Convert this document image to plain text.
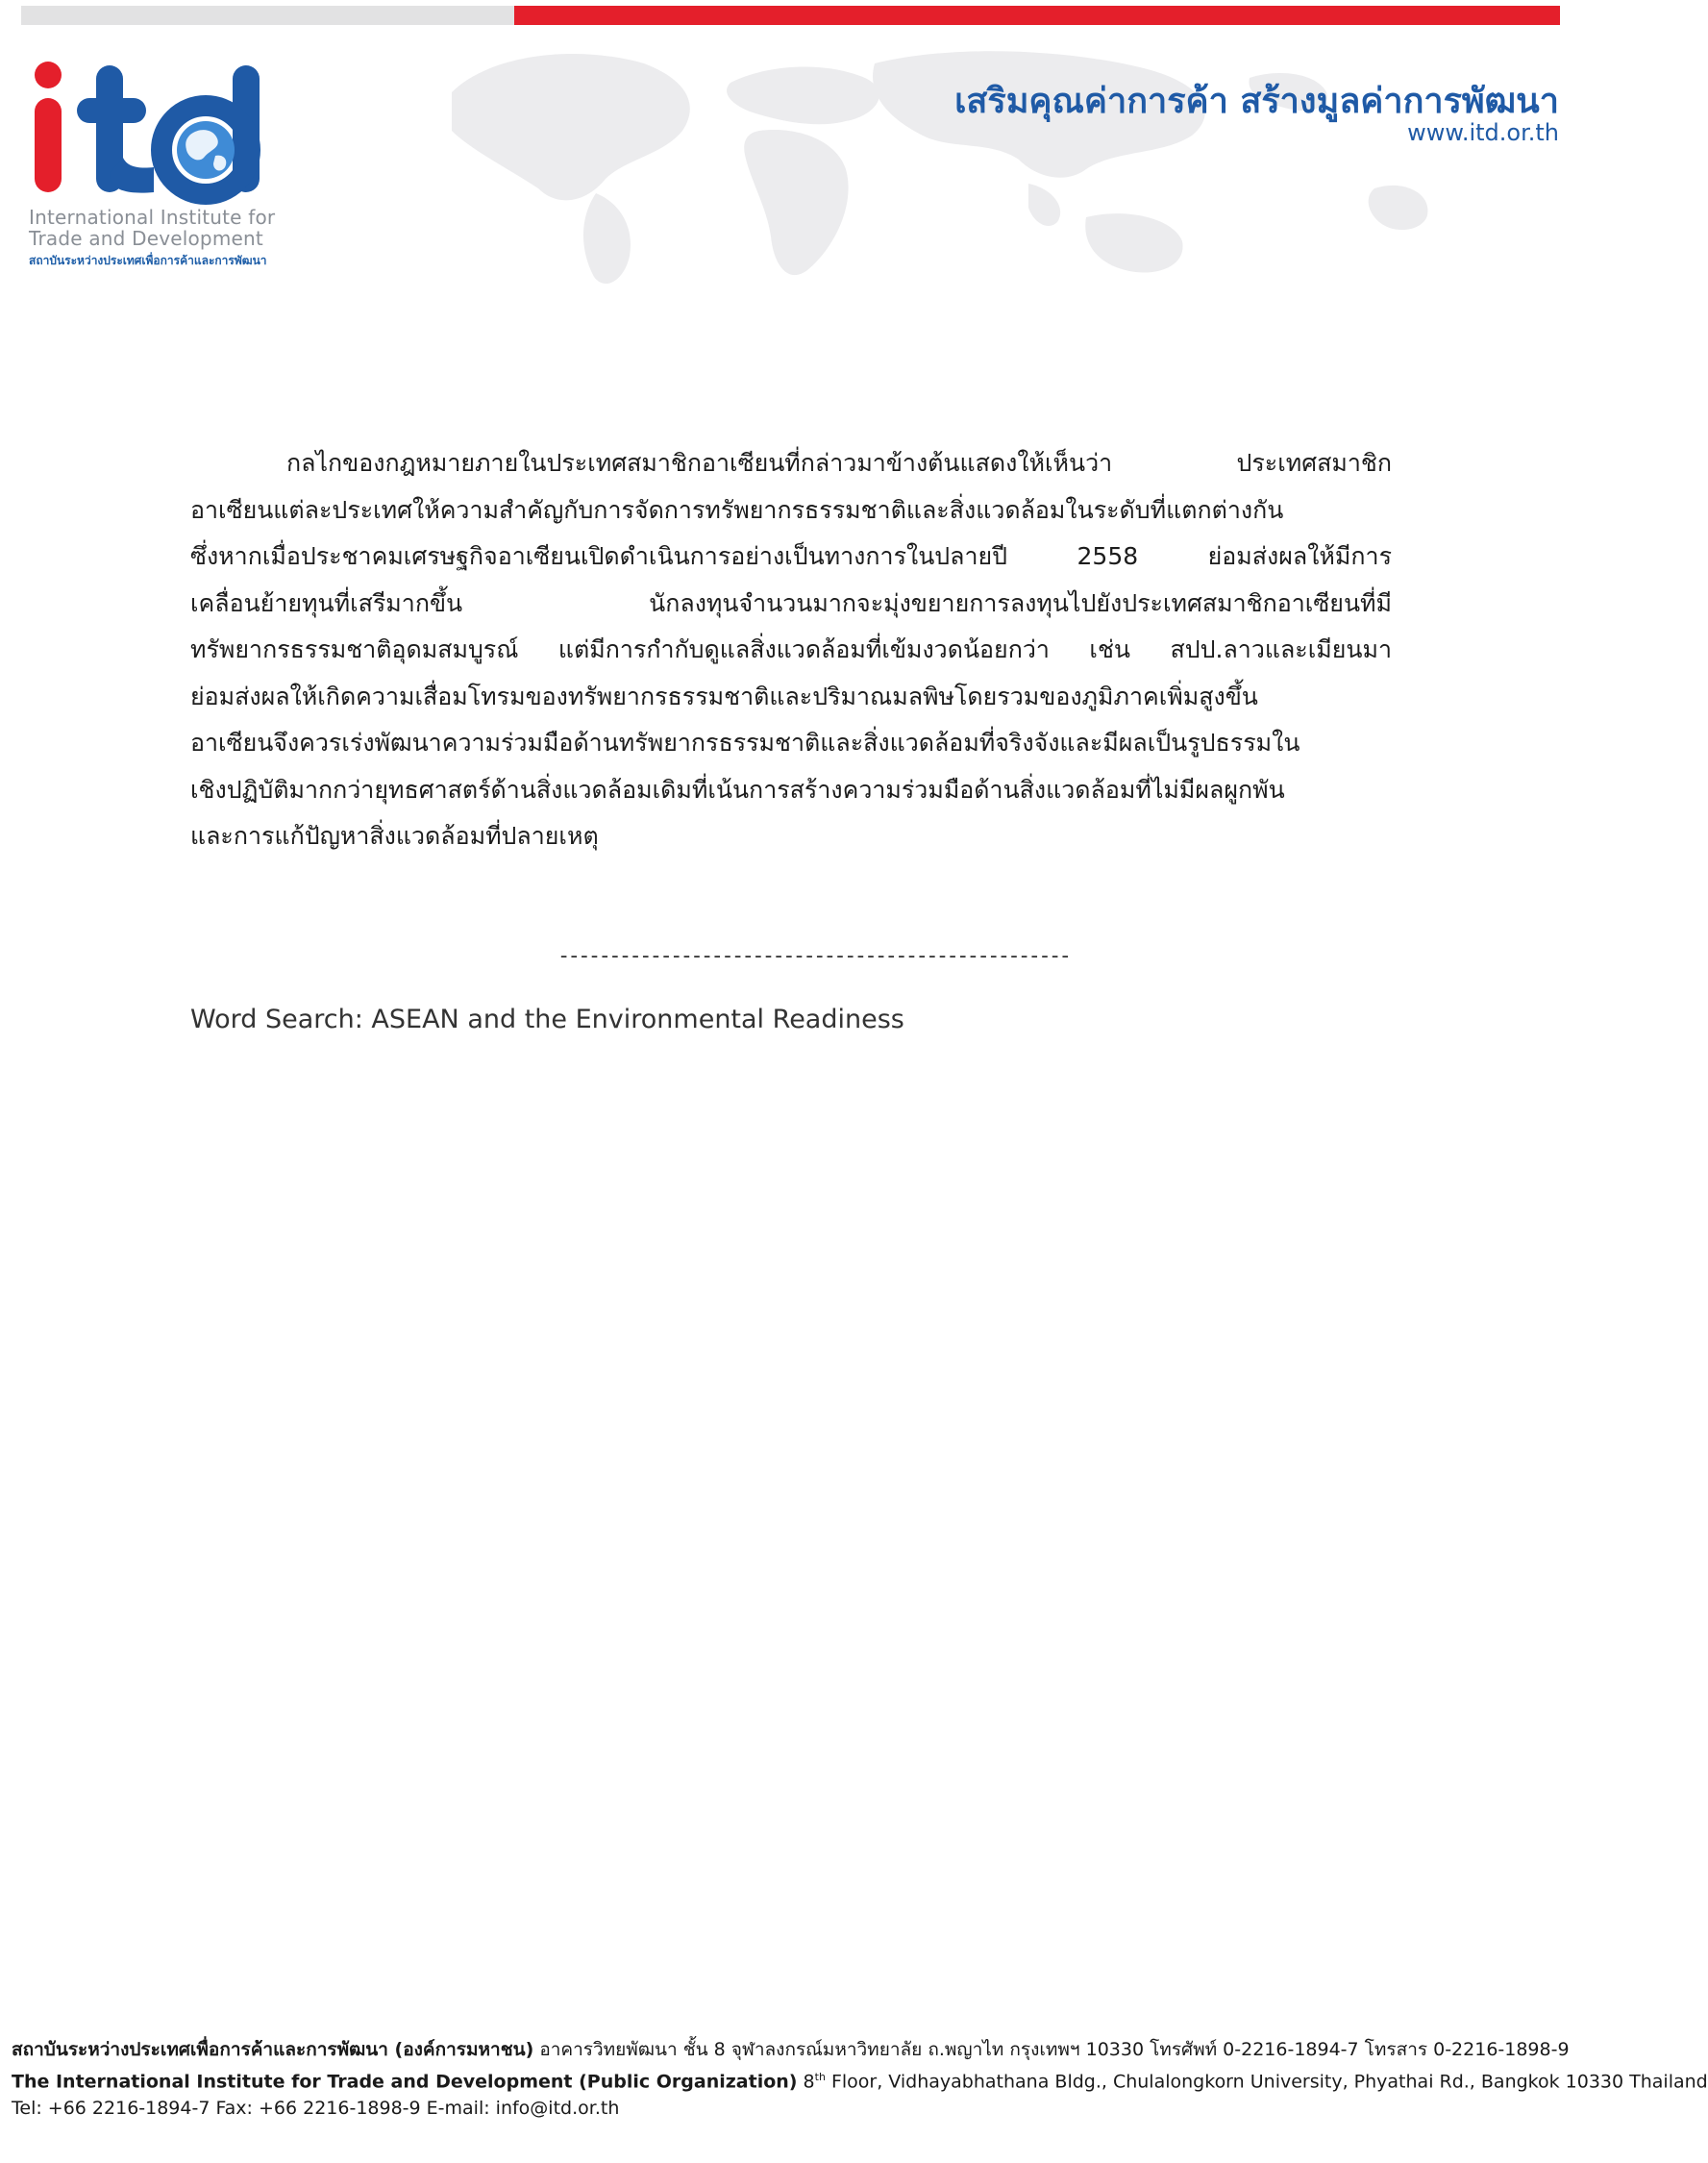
International Institute for
Trade and Development
สถาบันระหว่างประเทศเพื่อการค้าและการพัฒนา
เสริมคุณค่าการค้า สร้างมูลค่าการพัฒนา
www.itd.or.th

กลไกของกฎหมายภายในประเทศสมาชิกอาเซียนที่กล่าวมาข้างต้นแสดงให้เห็นว่า ประเทศสมาชิก
อาเซียนแต่ละประเทศให้ความสำคัญกับการจัดการทรัพยากรธรรมชาติและสิ่งแวดล้อมในระดับที่แตกต่างกัน
ซึ่งหากเมื่อประชาคมเศรษฐกิจอาเซียนเปิดดำเนินการอย่างเป็นทางการในปลายปี 2558 ย่อมส่งผลให้มีการ
เคลื่อนย้ายทุนที่เสรีมากขึ้น นักลงทุนจำนวนมากจะมุ่งขยายการลงทุนไปยังประเทศสมาชิกอาเซียนที่มี
ทรัพยากรธรรมชาติอุดมสมบูรณ์ แต่มีการกำกับดูแลสิ่งแวดล้อมที่เข้มงวดน้อยกว่า เช่น สปป.ลาวและเมียนมา
ย่อมส่งผลให้เกิดความเสื่อมโทรมของทรัพยากรธรรมชาติและปริมาณมลพิษโดยรวมของภูมิภาคเพิ่มสูงขึ้น
อาเซียนจึงควรเร่งพัฒนาความร่วมมือด้านทรัพยากรธรรมชาติและสิ่งแวดล้อมที่จริงจังและมีผลเป็นรูปธรรมใน
เชิงปฏิบัติมากกว่ายุทธศาสตร์ด้านสิ่งแวดล้อมเดิมที่เน้นการสร้างความร่วมมือด้านสิ่งแวดล้อมที่ไม่มีผลผูกพัน
และการแก้ปัญหาสิ่งแวดล้อมที่ปลายเหตุ

--------------------------------------------------
Word Search: ASEAN and the Environmental Readiness
สถาบันระหว่างประเทศเพื่อการค้าและการพัฒนา (องค์การมหาชน) อาคารวิทยพัฒนา ชั้น 8 จุฬาลงกรณ์มหาวิทยาลัย ถ.พญาไท กรุงเทพฯ 10330 โทรศัพท์ 0-2216-1894-7 โทรสาร 0-2216-1898-9
The International Institute for Trade and Development (Public Organization) 8th Floor, Vidhayabhathana Bldg., Chulalongkorn University, Phyathai Rd., Bangkok 10330 Thailand
Tel: +66 2216-1894-7 Fax: +66 2216-1898-9 E-mail: info@itd.or.th
